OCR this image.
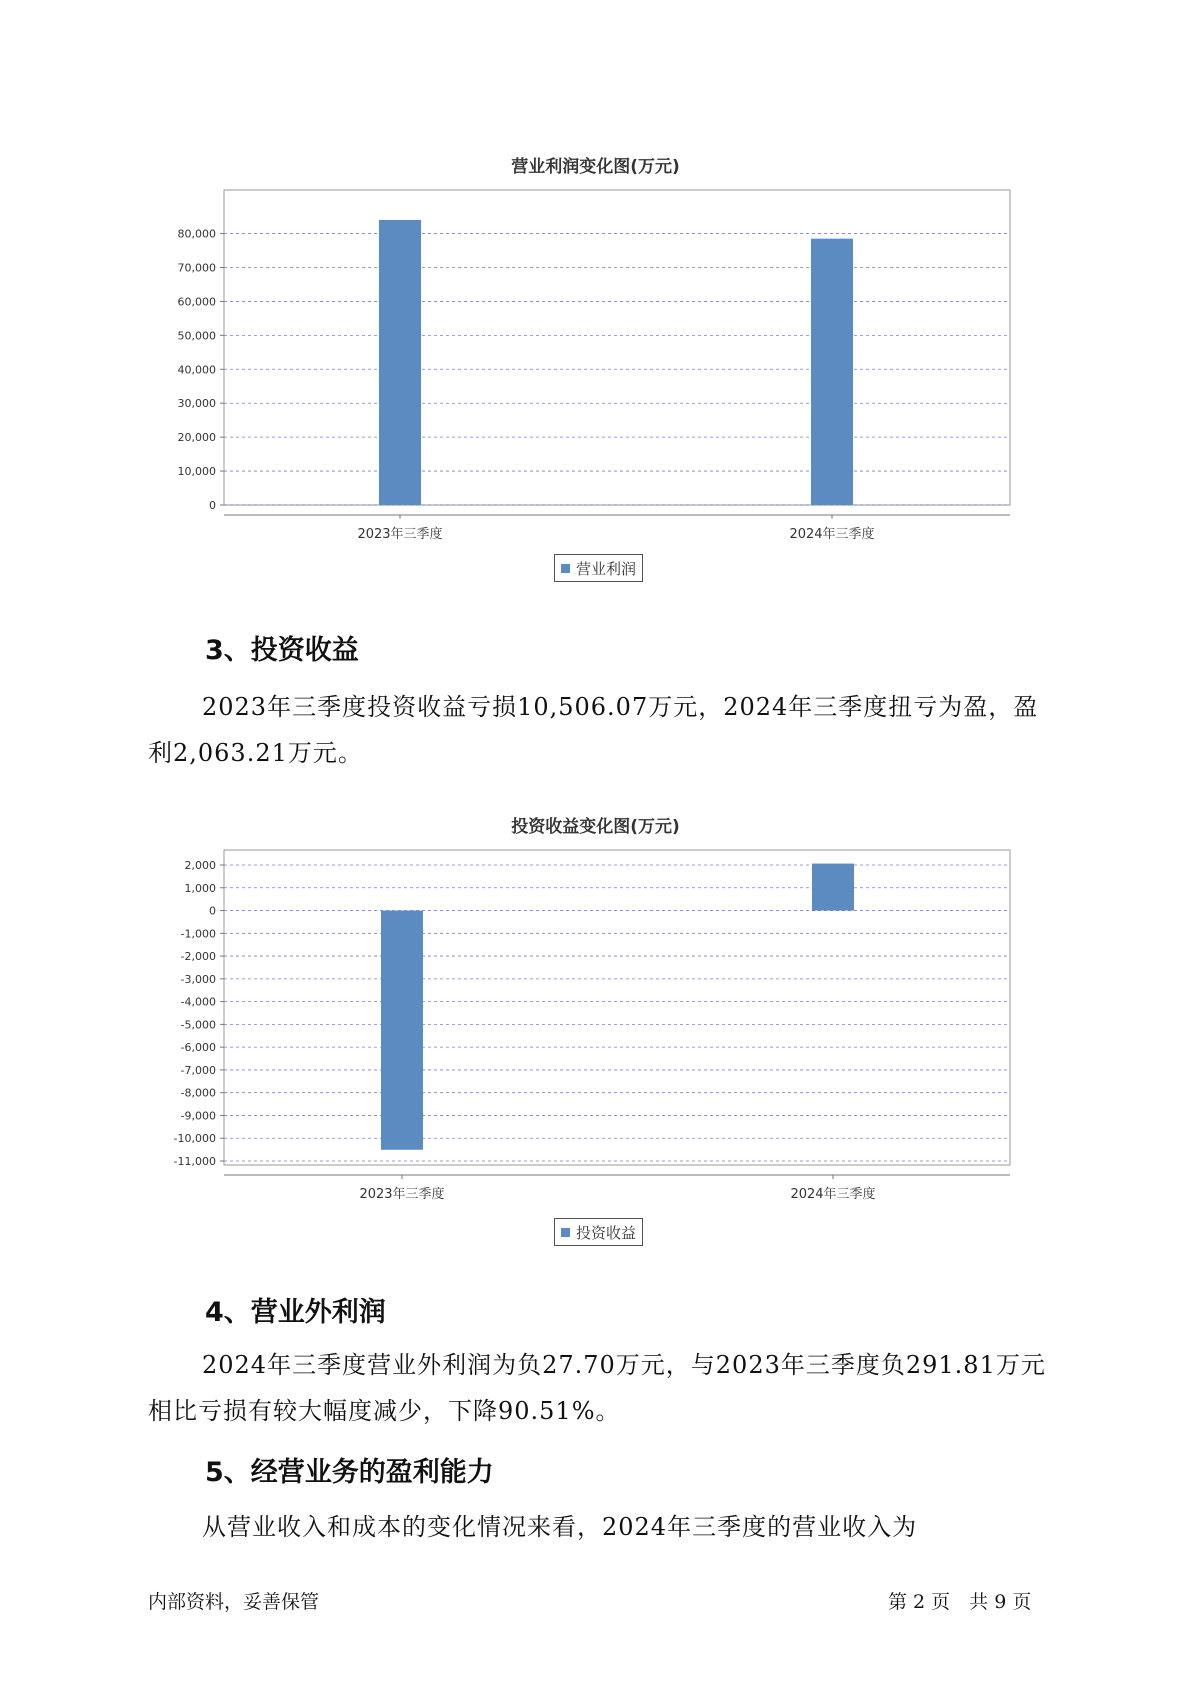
营业利润变化图(万元)
0
10,000
20,000
30,000
40,000
50,000
60,000
70,000
80,000
2023年三季度	2024年三季度
营业利润
3、投资收益

2023年三季度投资收益亏损10,506.07万元，2024年三季度扭亏为盈，盈利2,063.21万元。

投资收益变化图(万元)
2,000
1,000
0
-1,000
-2,000
-3,000
-4,000
-5,000
-6,000
-7,000
-8,000
-9,000
-10,000
-11,000
2023年三季度	2024年三季度
投资收益
4、营业外利润

2024年三季度营业外利润为负27.70万元，与2023年三季度负291.81万元相比亏损有较大幅度减少，下降90.51%。

5、经营业务的盈利能力

从营业收入和成本的变化情况来看，2024年三季度的营业收入为

内部资料，妥善保管	第 2 页　共 9 页
